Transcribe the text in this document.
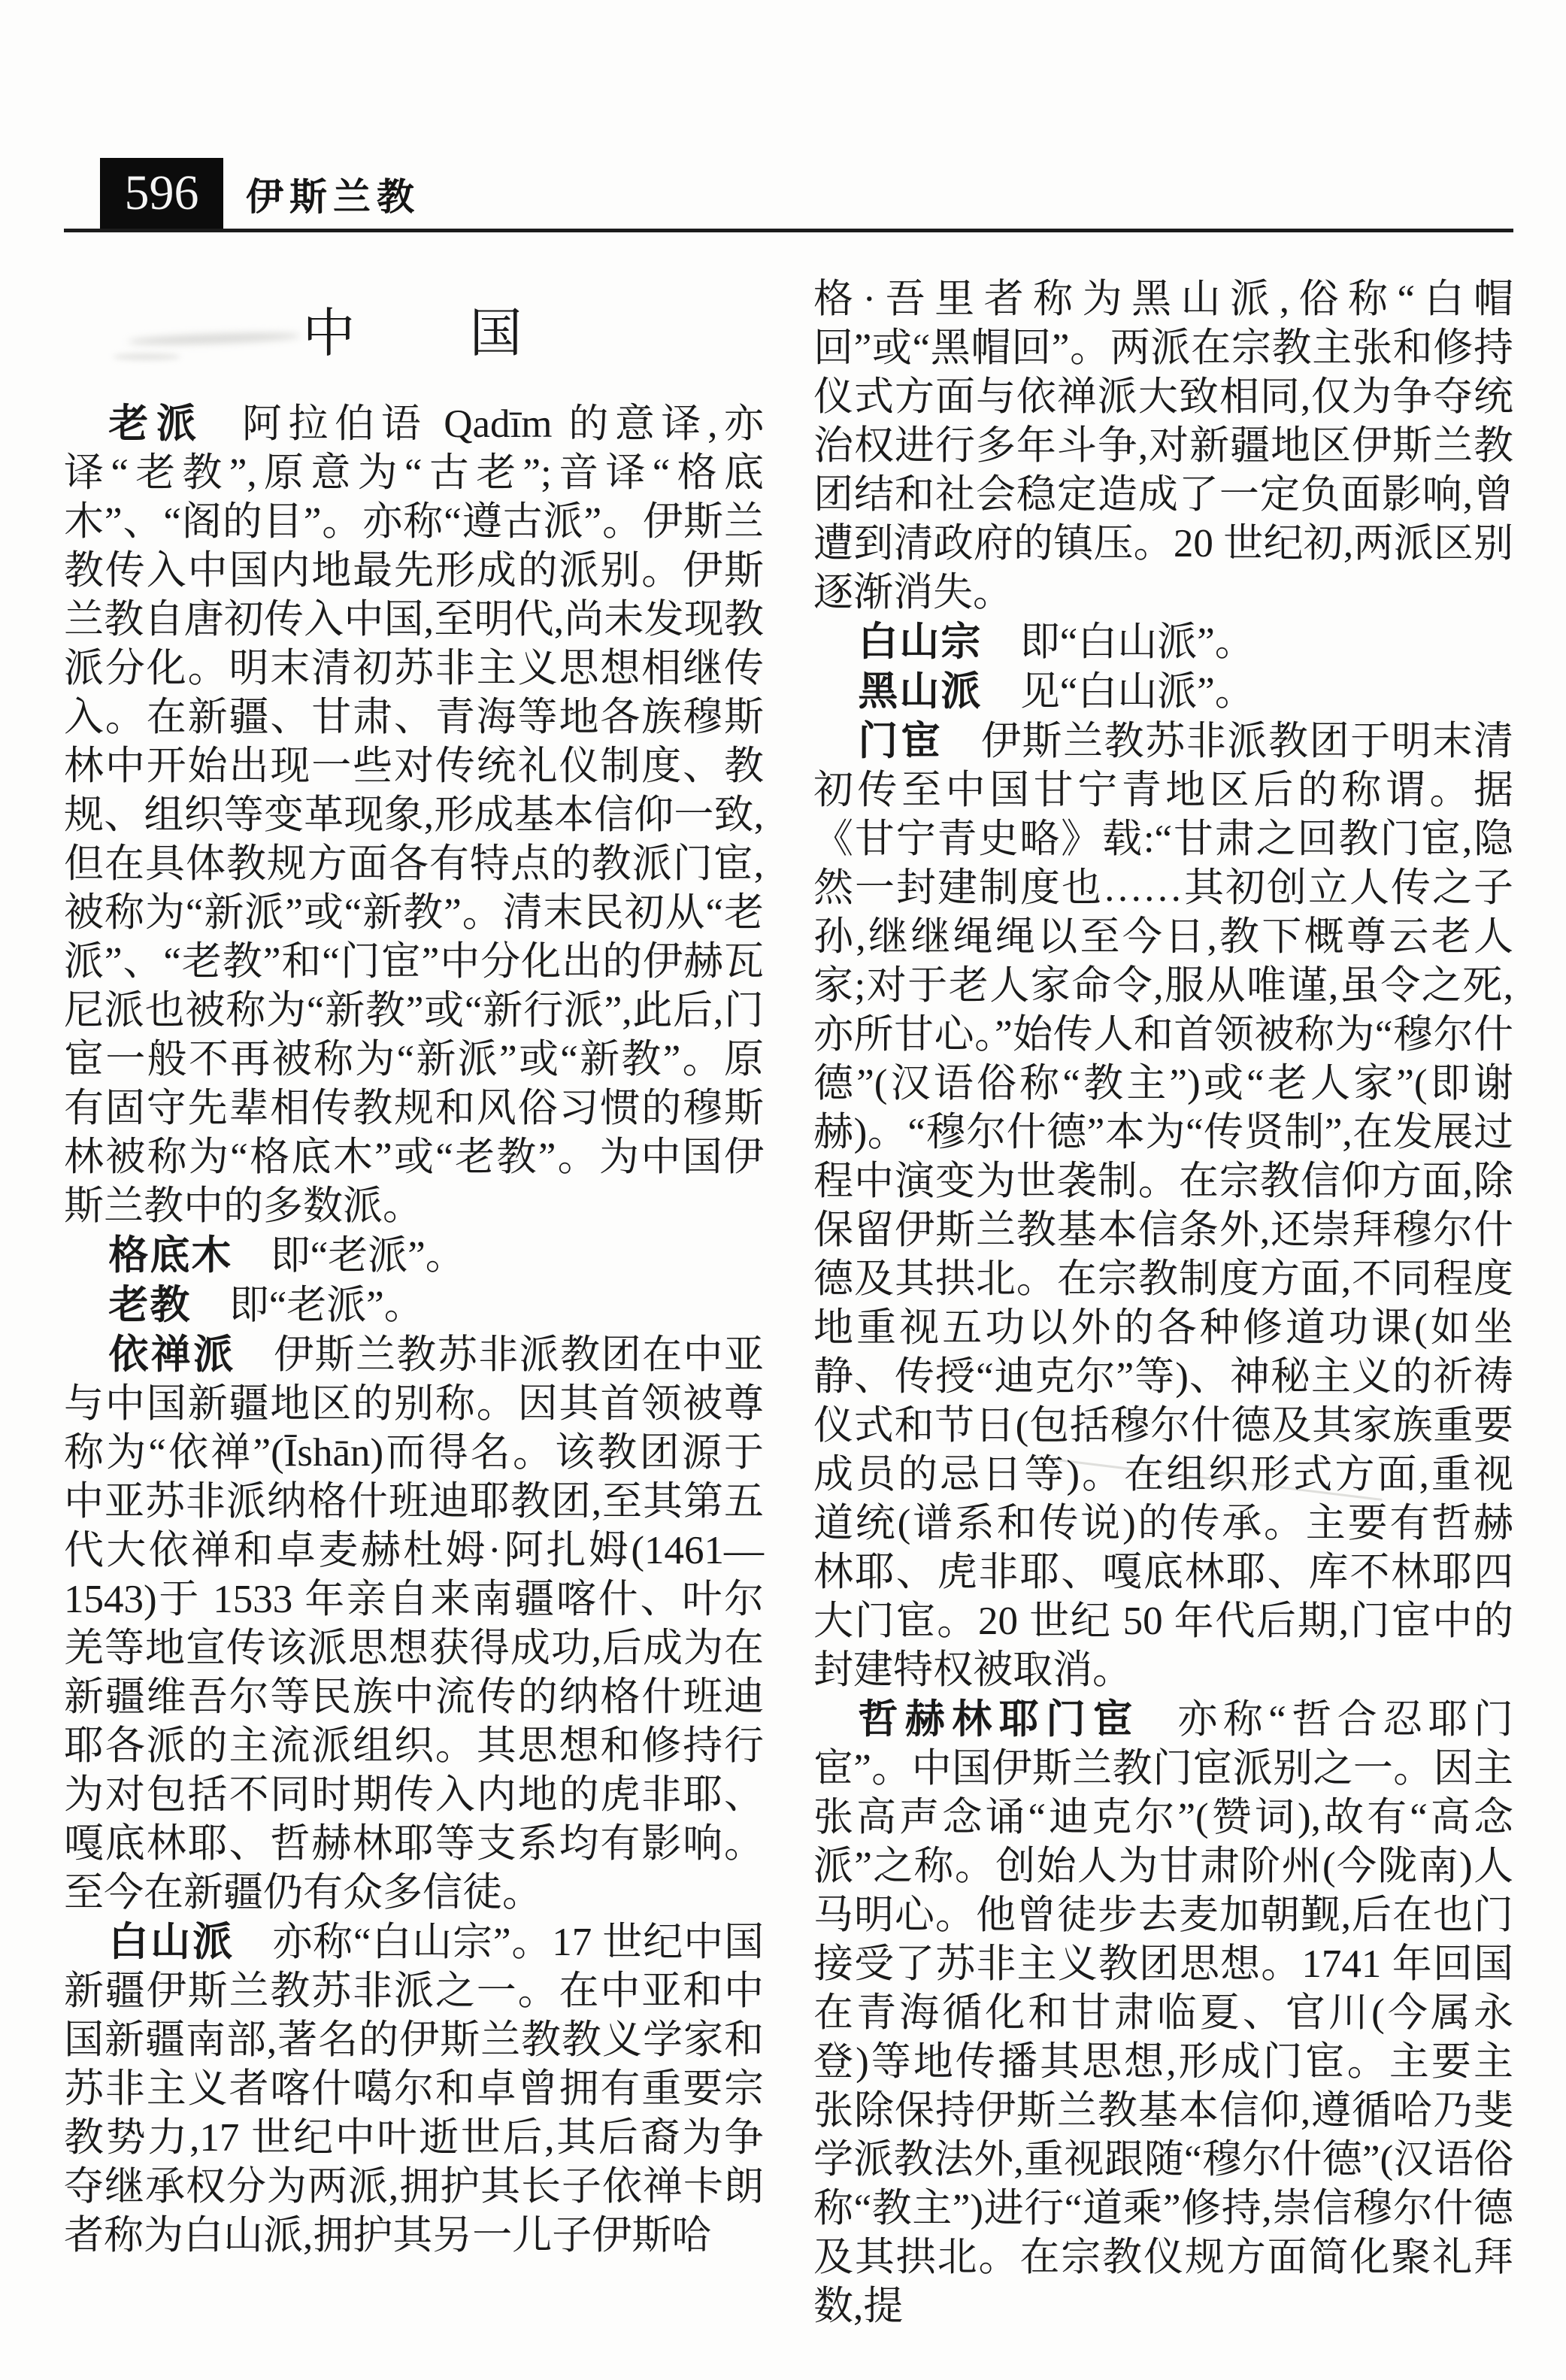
596 伊斯兰教
中　　国

老派 阿拉伯语 Qadīm 的意译,亦译“老教”,原意为“古老”;音译“格底木”、“阁的目”。亦称“遵古派”。伊斯兰教传入中国内地最先形成的派别。伊斯兰教自唐初传入中国,至明代,尚未发现教派分化。明末清初苏非主义思想相继传入。在新疆、甘肃、青海等地各族穆斯林中开始出现一些对传统礼仪制度、教规、组织等变革现象,形成基本信仰一致,但在具体教规方面各有特点的教派门宦,被称为“新派”或“新教”。清末民初从“老派”、“老教”和“门宦”中分化出的伊赫瓦尼派也被称为“新教”或“新行派”,此后,门宦一般不再被称为“新派”或“新教”。原有固守先辈相传教规和风俗习惯的穆斯林被称为“格底木”或“老教”。为中国伊斯兰教中的多数派。

格底木 即“老派”。

老教 即“老派”。

依禅派 伊斯兰教苏非派教团在中亚与中国新疆地区的别称。因其首领被尊称为“依禅”(Īshān)而得名。该教团源于中亚苏非派纳格什班迪耶教团,至其第五代大依禅和卓麦赫杜姆·阿扎姆(1461—1543)于 1533 年亲自来南疆喀什、叶尔羌等地宣传该派思想获得成功,后成为在新疆维吾尔等民族中流传的纳格什班迪耶各派的主流派组织。其思想和修持行为对包括不同时期传入内地的虎非耶、嘎底林耶、哲赫林耶等支系均有影响。至今在新疆仍有众多信徒。

白山派 亦称“白山宗”。17 世纪中国新疆伊斯兰教苏非派之一。在中亚和中国新疆南部,著名的伊斯兰教教义学家和苏非主义者喀什噶尔和卓曾拥有重要宗教势力,17 世纪中叶逝世后,其后裔为争夺继承权分为两派,拥护其长子依禅卡朗者称为白山派,拥护其另一儿子伊斯哈

格·吾里者称为黑山派,俗称“白帽回”或“黑帽回”。两派在宗教主张和修持仪式方面与依禅派大致相同,仅为争夺统治权进行多年斗争,对新疆地区伊斯兰教团结和社会稳定造成了一定负面影响,曾遭到清政府的镇压。20 世纪初,两派区别逐渐消失。

白山宗 即“白山派”。

黑山派 见“白山派”。

门宦 伊斯兰教苏非派教团于明末清初传至中国甘宁青地区后的称谓。据《甘宁青史略》载:“甘肃之回教门宦,隐然一封建制度也……其初创立人传之子孙,继继绳绳以至今日,教下概尊云老人家;对于老人家命令,服从唯谨,虽令之死,亦所甘心。”始传人和首领被称为“穆尔什德”(汉语俗称“教主”)或“老人家”(即谢赫)。“穆尔什德”本为“传贤制”,在发展过程中演变为世袭制。在宗教信仰方面,除保留伊斯兰教基本信条外,还崇拜穆尔什德及其拱北。在宗教制度方面,不同程度地重视五功以外的各种修道功课(如坐静、传授“迪克尔”等)、神秘主义的祈祷仪式和节日(包括穆尔什德及其家族重要成员的忌日等)。在组织形式方面,重视道统(谱系和传说)的传承。主要有哲赫林耶、虎非耶、嘎底林耶、库不林耶四大门宦。20 世纪 50 年代后期,门宦中的封建特权被取消。

哲赫林耶门宦 亦称“哲合忍耶门宦”。中国伊斯兰教门宦派别之一。因主张高声念诵“迪克尔”(赞词),故有“高念派”之称。创始人为甘肃阶州(今陇南)人马明心。他曾徒步去麦加朝觐,后在也门接受了苏非主义教团思想。1741 年回国在青海循化和甘肃临夏、官川(今属永登)等地传播其思想,形成门宦。主要主张除保持伊斯兰教基本信仰,遵循哈乃斐学派教法外,重视跟随“穆尔什德”(汉语俗称“教主”)进行“道乘”修持,崇信穆尔什德及其拱北。在宗教仪规方面简化聚礼拜数,提
